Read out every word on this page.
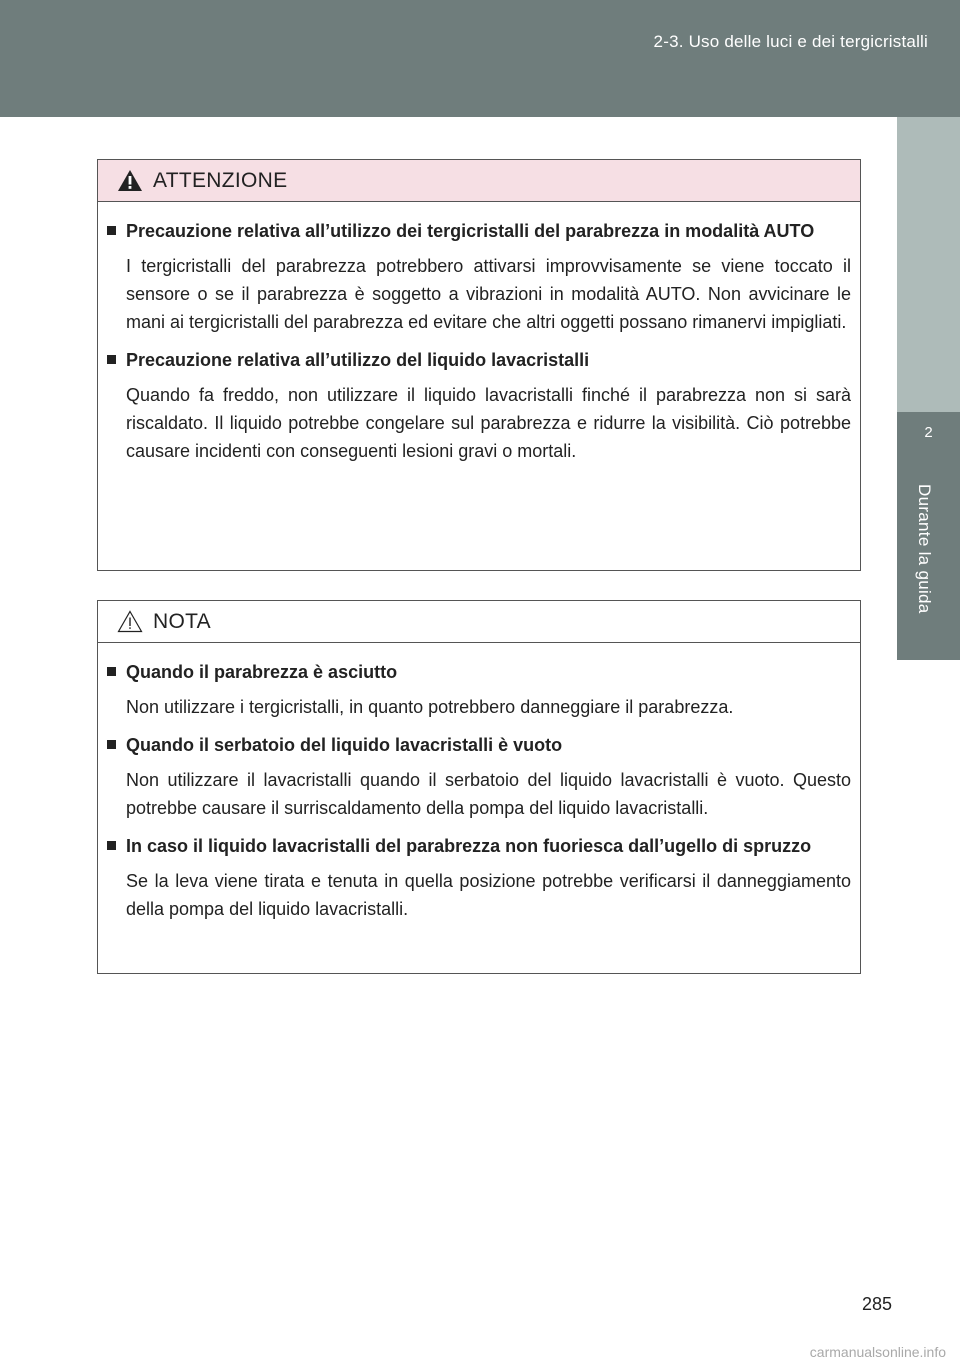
2-3. Uso delle luci e dei tergicristalli
2
Durante la guida
ATTENZIONE
Precauzione relativa all’utilizzo dei tergicristalli del parabrezza in modalità AUTO
I tergicristalli del parabrezza potrebbero attivarsi improvvisamente se viene toccato il sensore o se il parabrezza è soggetto a vibrazioni in modalità AUTO. Non avvicinare le mani ai tergicristalli del parabrezza ed evitare che altri oggetti possano rimanervi impigliati.
Precauzione relativa all’utilizzo del liquido lavacristalli
Quando fa freddo, non utilizzare il liquido lavacristalli finché il parabrezza non si sarà riscaldato. Il liquido potrebbe congelare sul parabrezza e ridurre la visibilità. Ciò potrebbe causare incidenti con conseguenti lesioni gravi o mortali.
NOTA
Quando il parabrezza è asciutto
Non utilizzare i tergicristalli, in quanto potrebbero danneggiare il parabrezza.
Quando il serbatoio del liquido lavacristalli è vuoto
Non utilizzare il lavacristalli quando il serbatoio del liquido lavacristalli è vuoto. Questo potrebbe causare il surriscaldamento della pompa del liquido lavacristalli.
In caso il liquido lavacristalli del parabrezza non fuoriesca dall’ugello di spruzzo
Se la leva viene tirata e tenuta in quella posizione potrebbe verificarsi il danneggiamento della pompa del liquido lavacristalli.
285
carmanualsonline.info
